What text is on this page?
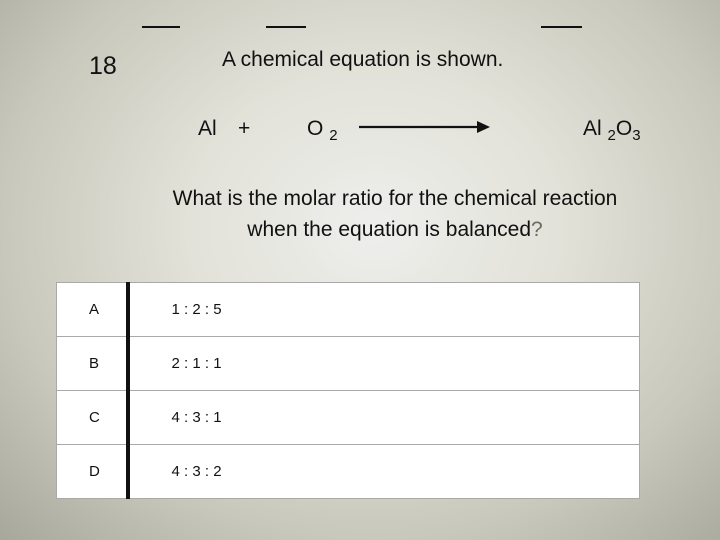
18	A chemical equation is shown.
Al +	O $_2$	Al $_2O_3$
What is the molar ratio for the chemical reaction
when the equation is balanced?
A	1 : 2 : 5
B	2 : 1 : 1
C	4 : 3 : 1
D	4 : 3 : 2
